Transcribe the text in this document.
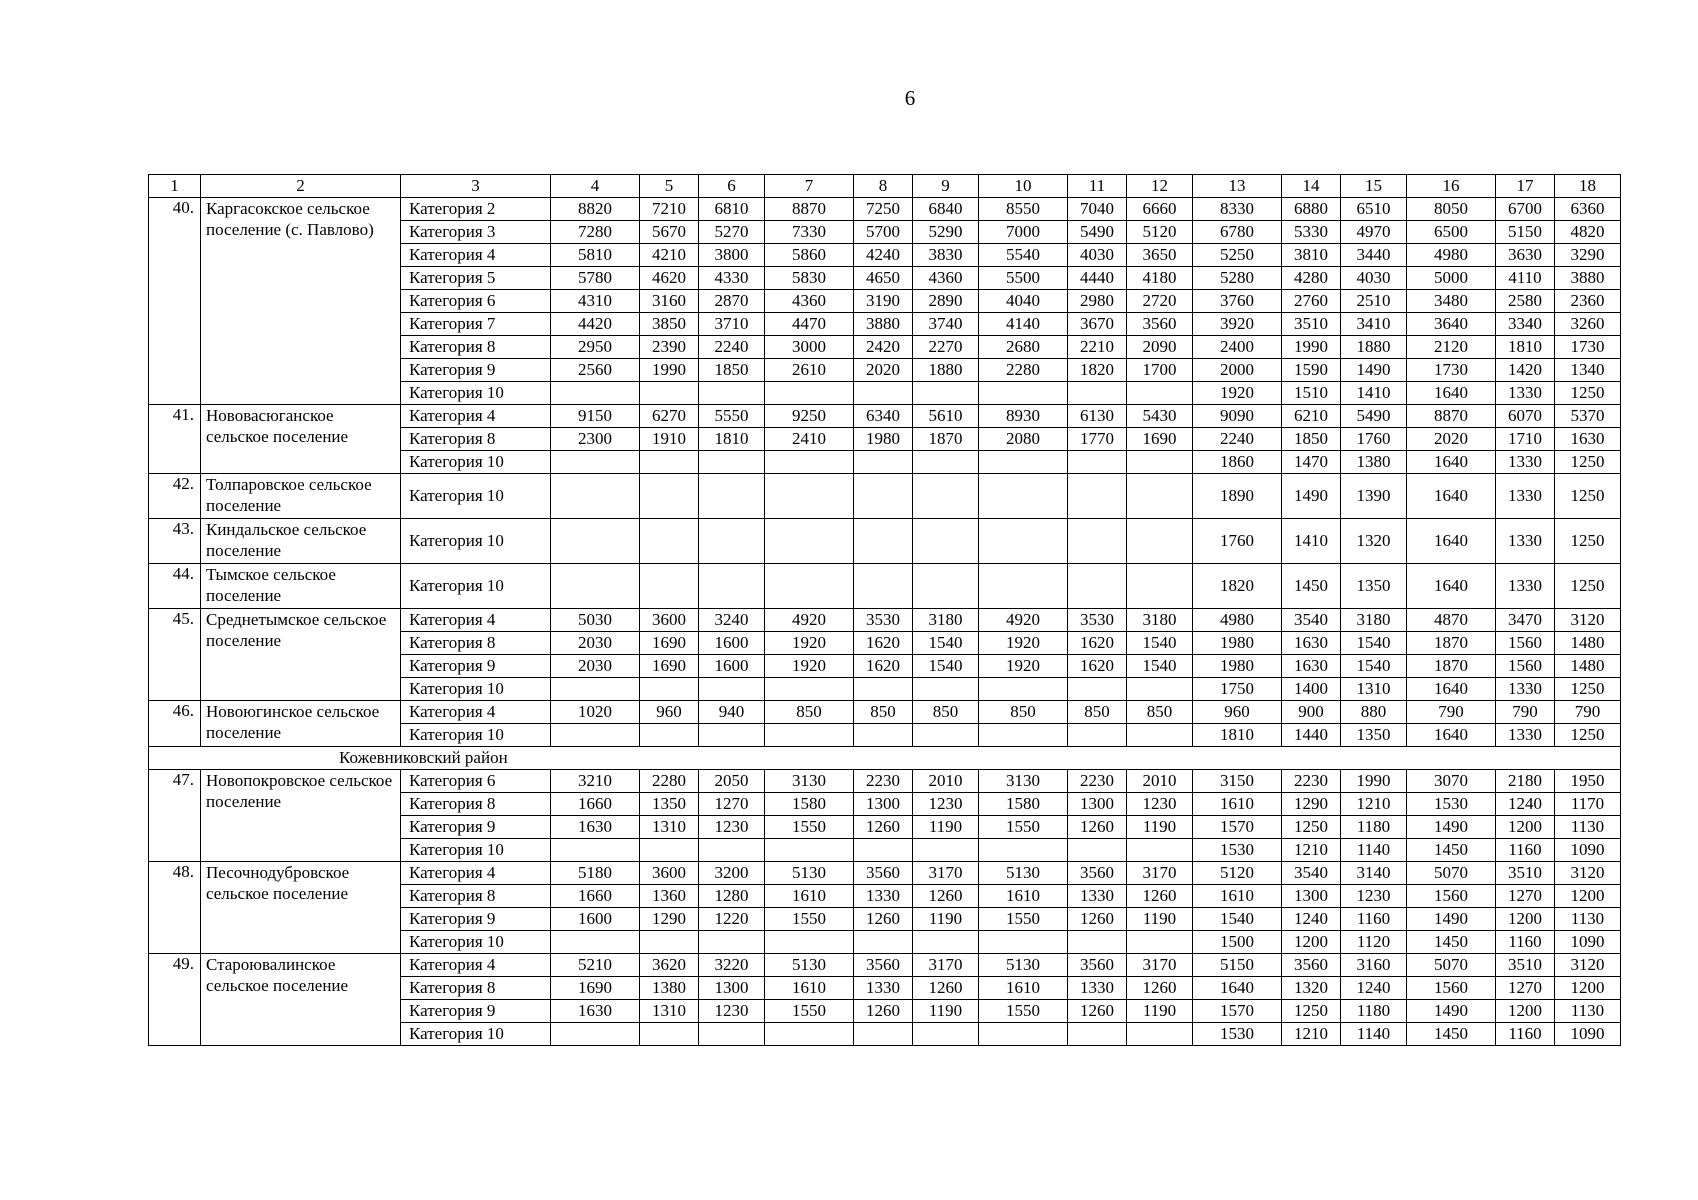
6
1	2	3	4	5	6	7	8	9	10	11	12	13	14	15	16	17	18
40.	Каргасокское сельское поселение (с. Павлово)	Категория 2	8820	7210	6810	8870	7250	6840	8550	7040	6660	8330	6880	6510	8050	6700	6360
		Категория 3	7280	5670	5270	7330	5700	5290	7000	5490	5120	6780	5330	4970	6500	5150	4820
		Категория 4	5810	4210	3800	5860	4240	3830	5540	4030	3650	5250	3810	3440	4980	3630	3290
		Категория 5	5780	4620	4330	5830	4650	4360	5500	4440	4180	5280	4280	4030	5000	4110	3880
		Категория 6	4310	3160	2870	4360	3190	2890	4040	2980	2720	3760	2760	2510	3480	2580	2360
		Категория 7	4420	3850	3710	4470	3880	3740	4140	3670	3560	3920	3510	3410	3640	3340	3260
		Категория 8	2950	2390	2240	3000	2420	2270	2680	2210	2090	2400	1990	1880	2120	1810	1730
		Категория 9	2560	1990	1850	2610	2020	1880	2280	1820	1700	2000	1590	1490	1730	1420	1340
		Категория 10										1920	1510	1410	1640	1330	1250
41.	Нововасюганское сельское поселение	Категория 4	9150	6270	5550	9250	6340	5610	8930	6130	5430	9090	6210	5490	8870	6070	5370
		Категория 8	2300	1910	1810	2410	1980	1870	2080	1770	1690	2240	1850	1760	2020	1710	1630
		Категория 10										1860	1470	1380	1640	1330	1250
42.	Толпаровское сельское поселение	Категория 10										1890	1490	1390	1640	1330	1250
43.	Киндальское сельское поселение	Категория 10										1760	1410	1320	1640	1330	1250
44.	Тымское сельское поселение	Категория 10										1820	1450	1350	1640	1330	1250
45.	Среднетымское сельское поселение	Категория 4	5030	3600	3240	4920	3530	3180	4920	3530	3180	4980	3540	3180	4870	3470	3120
		Категория 8	2030	1690	1600	1920	1620	1540	1920	1620	1540	1980	1630	1540	1870	1560	1480
		Категория 9	2030	1690	1600	1920	1620	1540	1920	1620	1540	1980	1630	1540	1870	1560	1480
		Категория 10										1750	1400	1310	1640	1330	1250
46.	Новоюгинское сельское поселение	Категория 4	1020	960	940	850	850	850	850	850	850	960	900	880	790	790	790
		Категория 10										1810	1440	1350	1640	1330	1250
Кожевниковский район																	
47.	Новопокровское сельское поселение	Категория 6	3210	2280	2050	3130	2230	2010	3130	2230	2010	3150	2230	1990	3070	2180	1950
		Категория 8	1660	1350	1270	1580	1300	1230	1580	1300	1230	1610	1290	1210	1530	1240	1170
		Категория 9	1630	1310	1230	1550	1260	1190	1550	1260	1190	1570	1250	1180	1490	1200	1130
		Категория 10										1530	1210	1140	1450	1160	1090
48.	Песочнодубровское сельское поселение	Категория 4	5180	3600	3200	5130	3560	3170	5130	3560	3170	5120	3540	3140	5070	3510	3120
		Категория 8	1660	1360	1280	1610	1330	1260	1610	1330	1260	1610	1300	1230	1560	1270	1200
		Категория 9	1600	1290	1220	1550	1260	1190	1550	1260	1190	1540	1240	1160	1490	1200	1130
		Категория 10										1500	1200	1120	1450	1160	1090
49.	Староювалинское сельское поселение	Категория 4	5210	3620	3220	5130	3560	3170	5130	3560	3170	5150	3560	3160	5070	3510	3120
		Категория 8	1690	1380	1300	1610	1330	1260	1610	1330	1260	1640	1320	1240	1560	1270	1200
		Категория 9	1630	1310	1230	1550	1260	1190	1550	1260	1190	1570	1250	1180	1490	1200	1130
		Категория 10										1530	1210	1140	1450	1160	1090
